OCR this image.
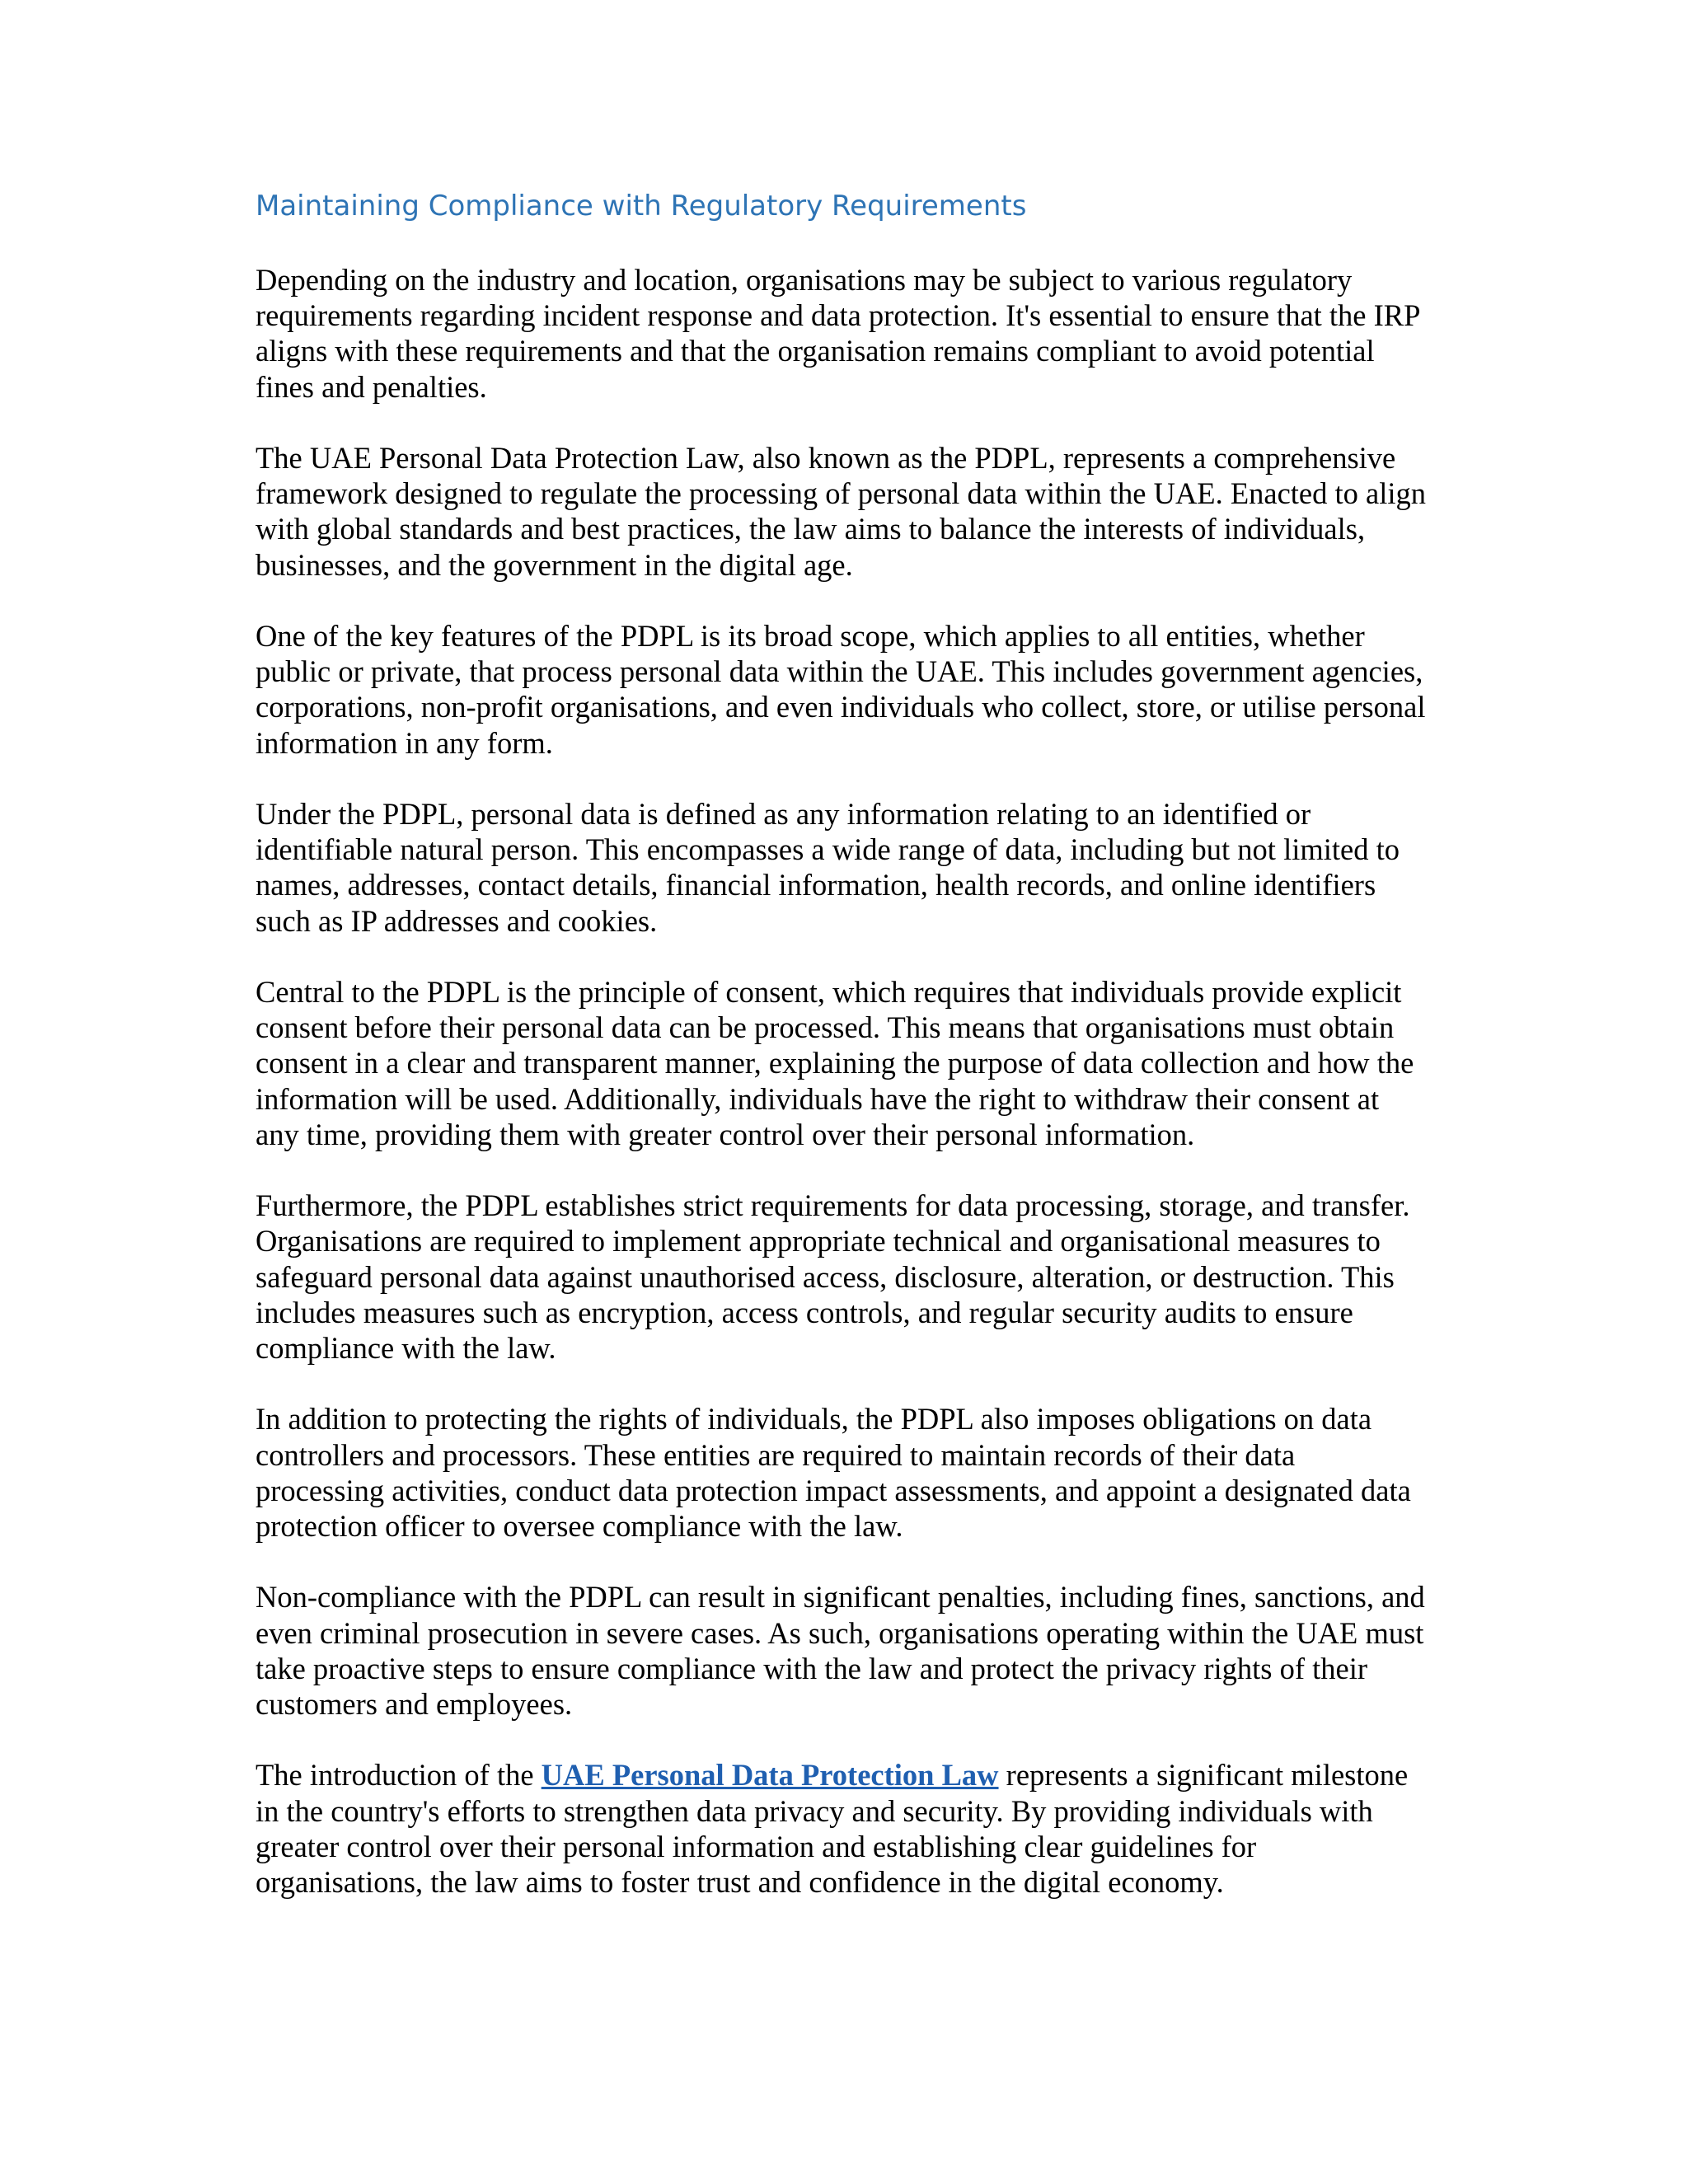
Maintaining Compliance with Regulatory Requirements

Depending on the industry and location, organisations may be subject to various regulatory requirements regarding incident response and data protection. It's essential to ensure that the IRP aligns with these requirements and that the organisation remains compliant to avoid potential fines and penalties.

The UAE Personal Data Protection Law, also known as the PDPL, represents a comprehensive framework designed to regulate the processing of personal data within the UAE. Enacted to align with global standards and best practices, the law aims to balance the interests of individuals, businesses, and the government in the digital age.

One of the key features of the PDPL is its broad scope, which applies to all entities, whether public or private, that process personal data within the UAE. This includes government agencies, corporations, non-profit organisations, and even individuals who collect, store, or utilise personal information in any form.

Under the PDPL, personal data is defined as any information relating to an identified or identifiable natural person. This encompasses a wide range of data, including but not limited to names, addresses, contact details, financial information, health records, and online identifiers such as IP addresses and cookies.

Central to the PDPL is the principle of consent, which requires that individuals provide explicit consent before their personal data can be processed. This means that organisations must obtain consent in a clear and transparent manner, explaining the purpose of data collection and how the information will be used. Additionally, individuals have the right to withdraw their consent at any time, providing them with greater control over their personal information.

Furthermore, the PDPL establishes strict requirements for data processing, storage, and transfer. Organisations are required to implement appropriate technical and organisational measures to safeguard personal data against unauthorised access, disclosure, alteration, or destruction. This includes measures such as encryption, access controls, and regular security audits to ensure compliance with the law.

In addition to protecting the rights of individuals, the PDPL also imposes obligations on data controllers and processors. These entities are required to maintain records of their data processing activities, conduct data protection impact assessments, and appoint a designated data protection officer to oversee compliance with the law.

Non-compliance with the PDPL can result in significant penalties, including fines, sanctions, and even criminal prosecution in severe cases. As such, organisations operating within the UAE must take proactive steps to ensure compliance with the law and protect the privacy rights of their customers and employees.

The introduction of the UAE Personal Data Protection Law represents a significant milestone in the country's efforts to strengthen data privacy and security. By providing individuals with greater control over their personal information and establishing clear guidelines for organisations, the law aims to foster trust and confidence in the digital economy.
